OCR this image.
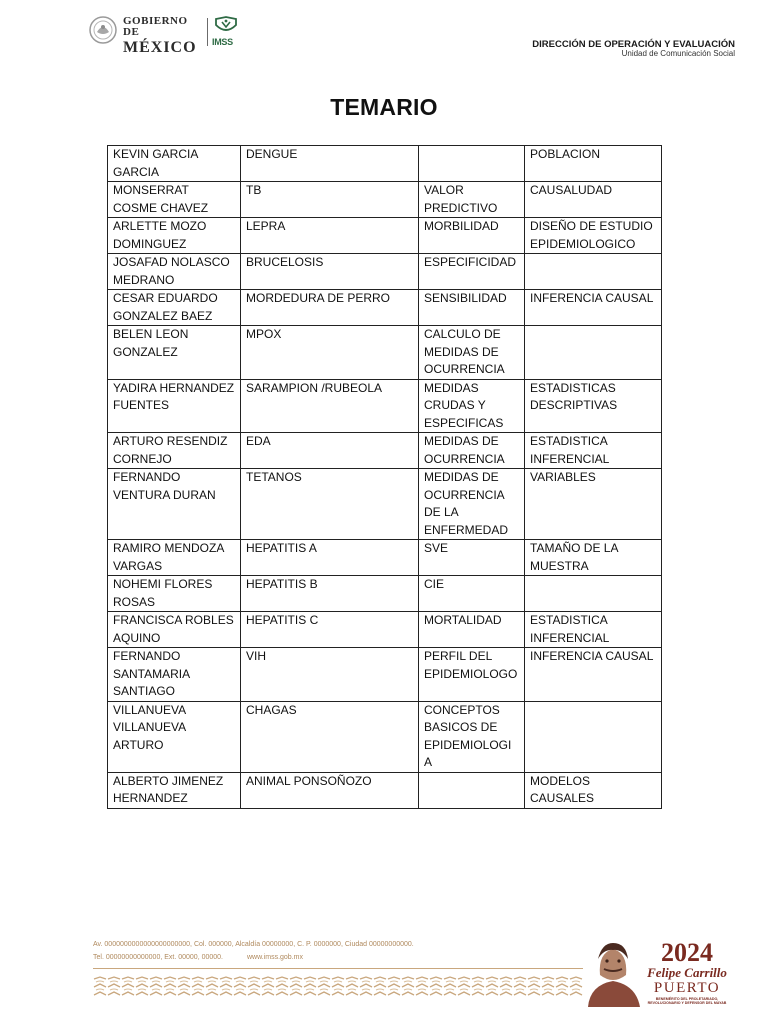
GOBIERNO DE
MÉXICO IMSS	DIRECCIÓN DE OPERACIÓN Y EVALUACIÓN
Unidad de Comunicación Social
TEMARIO
KEVIN GARCIA GARCIA	DENGUE		POBLACION
MONSERRAT COSME CHAVEZ	TB	VALOR PREDICTIVO	CAUSALUDAD
ARLETTE MOZO DOMINGUEZ	LEPRA	MORBILIDAD	DISEÑO DE ESTUDIO EPIDEMIOLOGICO
JOSAFAD NOLASCO MEDRANO	BRUCELOSIS	ESPECIFICIDAD	
CESAR EDUARDO GONZALEZ BAEZ	MORDEDURA DE PERRO	SENSIBILIDAD	INFERENCIA CAUSAL
BELEN LEON GONZALEZ	MPOX	CALCULO DE MEDIDAS DE OCURRENCIA	
YADIRA HERNANDEZ FUENTES	SARAMPION /RUBEOLA	MEDIDAS CRUDAS Y ESPECIFICAS	ESTADISTICAS DESCRIPTIVAS
ARTURO RESENDIZ CORNEJO	EDA	MEDIDAS DE OCURRENCIA	ESTADISTICA INFERENCIAL
FERNANDO VENTURA DURAN	TETANOS	MEDIDAS DE OCURRENCIA DE LA ENFERMEDAD	VARIABLES
RAMIRO MENDOZA VARGAS	HEPATITIS A	SVE	TAMAÑO DE LA MUESTRA
NOHEMI FLORES ROSAS	HEPATITIS B	CIE	
FRANCISCA ROBLES AQUINO	HEPATITIS C	MORTALIDAD	ESTADISTICA INFERENCIAL
FERNANDO SANTAMARIA SANTIAGO	VIH	PERFIL DEL EPIDEMIOLOGO	INFERENCIA CAUSAL
VILLANUEVA VILLANUEVA ARTURO	CHAGAS	CONCEPTOS BASICOS DE EPIDEMIOLOGIA	
ALBERTO JIMENEZ HERNANDEZ	ANIMAL PONSOÑOZO		MODELOS CAUSALES
Av. 0000000000000000000000, Col. 000000, Alcaldía 00000000, C. P. 0000000, Ciudad 00000000000.
Tel. 00000000000000, Ext. 00000, 00000.	www.imss.gob.mx	2024
Felipe Carrillo
PUERTO
BENEMÉRITO DEL PROLETARIADO, REVOLUCIONARIO Y DEFENSOR DEL MAYAB
